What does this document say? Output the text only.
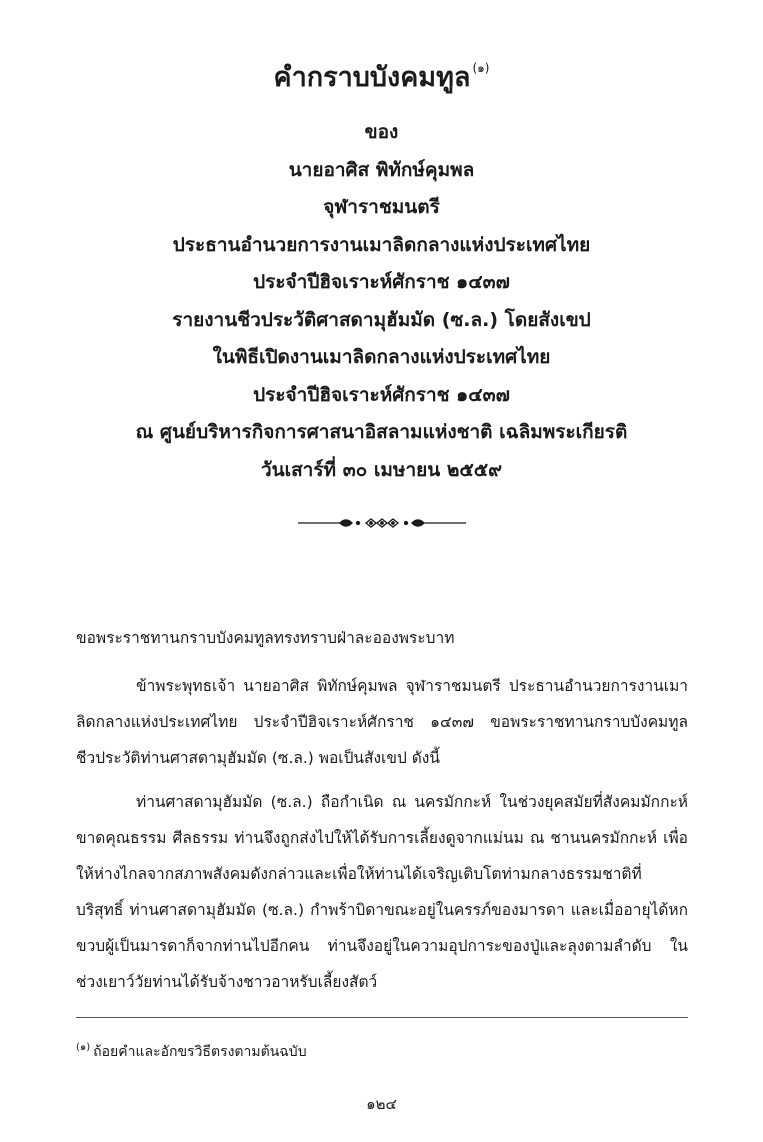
คำกราบบังคมทูล $^{(๑)}$
ของ
นายอาศิส พิทักษ์คุมพล
จุฬาราชมนตรี
ประธานอำนวยการงานเมาลิดกลางแห่งประเทศไทย
ประจำปีฮิจเราะห์ศักราช ๑๔๓๗
รายงานชีวประวัติศาสดามุฮัมมัด (ซ.ล.) โดยสังเขป
ในพิธีเปิดงานเมาลิดกลางแห่งประเทศไทย
ประจำปีฮิจเราะห์ศักราช ๑๔๓๗
ณ ศูนย์บริหารกิจการศาสนาอิสลามแห่งชาติ เฉลิมพระเกียรติ
วันเสาร์ที่ ๓๐ เมษายน ๒๕๕๙

ขอพระราชทานกราบบังคมทูลทรงทราบฝ่าละอองพระบาท

ข้าพระพุทธเจ้า นายอาศิส พิทักษ์คุมพล จุฬาราชมนตรี ประธานอำนวยการงานเมาลิดกลางแห่งประเทศไทย ประจำปีฮิจเราะห์ศักราช ๑๔๓๗ ขอพระราชทานกราบบังคมทูลชีวประวัติท่านศาสดามุฮัมมัด (ซ.ล.) พอเป็นสังเขป ดังนี้

ท่านศาสดามุฮัมมัด (ซ.ล.) ถือกำเนิด ณ นครมักกะห์ ในช่วงยุคสมัยที่สังคมมักกะห์ขาดคุณธรรม ศีลธรรม ท่านจึงถูกส่งไปให้ได้รับการเลี้ยงดูจากแม่นม ณ ชานนครมักกะห์ เพื่อให้ห่างไกลจากสภาพสังคมดังกล่าวและเพื่อให้ท่านได้เจริญเติบโตท่ามกลางธรรมชาติที่บริสุทธิ์ ท่านศาสดามุฮัมมัด (ซ.ล.) กำพร้าบิดาขณะอยู่ในครรภ์ของมารดา และเมื่ออายุได้หกขวบผู้เป็นมารดาก็จากท่านไปอีกคน ท่านจึงอยู่ในความอุปการะของปู่และลุงตามลำดับ ในช่วงเยาว์วัยท่านได้รับจ้างชาวอาหรับเลี้ยงสัตว์

$^{(๑)}$ ถ้อยคำและอักขรวิธีตรงตามต้นฉบับ
๑๒๔
